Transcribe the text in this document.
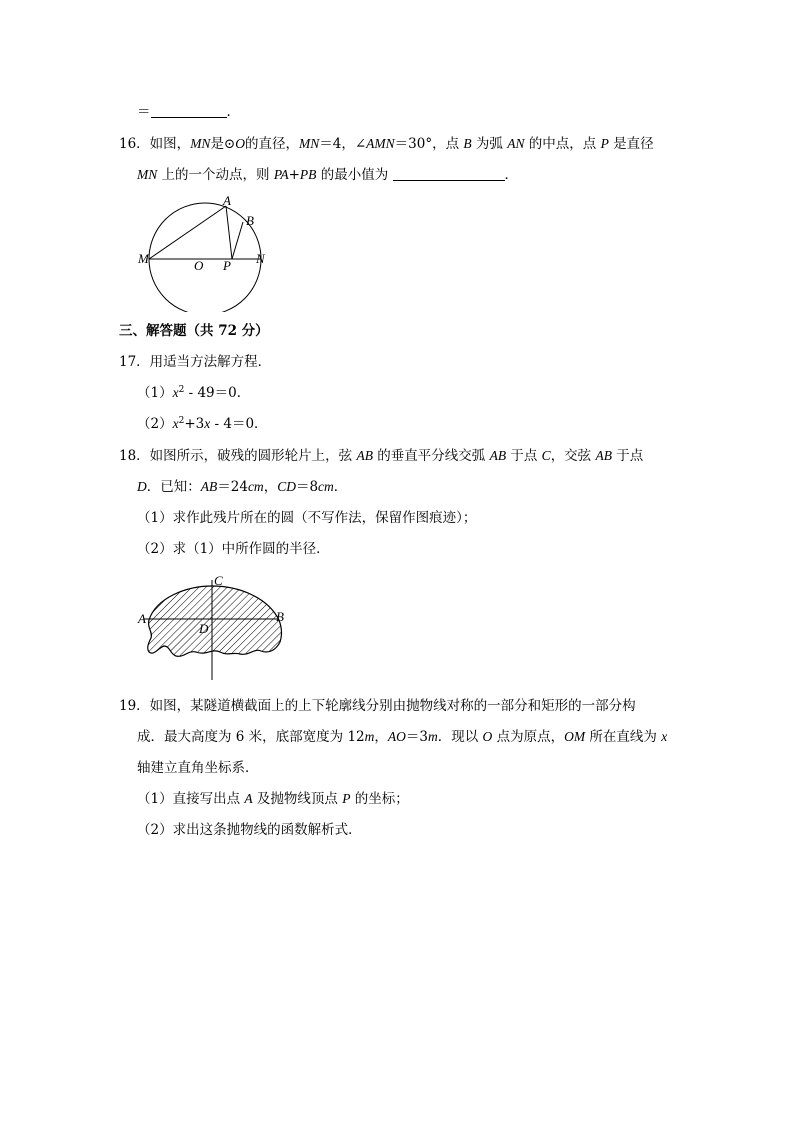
＝	．
16．如图，MN是⊙O的直径，MN＝4，∠AMN＝30°，点 B 为弧 AN 的中点，点 P 是直径
MN 上的一个动点，则 PA+PB 的最小值为	．
A
B
M	O P N
三、解答题（共 72 分）
17．用适当方法解方程．
$(1)x^2 - 49=0$．
$(2)x^2+3x - 4=0$．
18．如图所示，破残的圆形轮片上，弦 AB 的垂直平分线交弧 AB 于点 C，交弦 AB 于点
D．已知：AB＝24cm，CD＝8cm．
（1）求作此残片所在的圆（不写作法，保留作图痕迹）；
（2）求（1）中所作圆的半径．
C
A	B
D
19．如图，某隧道横截面上的上下轮廓线分别由抛物线对称的一部分和矩形的一部分构
成．最大高度为 6 米，底部宽度为 12m，AO＝3m．现以 O 点为原点，OM 所在直线为 x
轴建立直角坐标系．
（1）直接写出点 A 及抛物线顶点 P 的坐标；
（2）求出这条抛物线的函数解析式．
